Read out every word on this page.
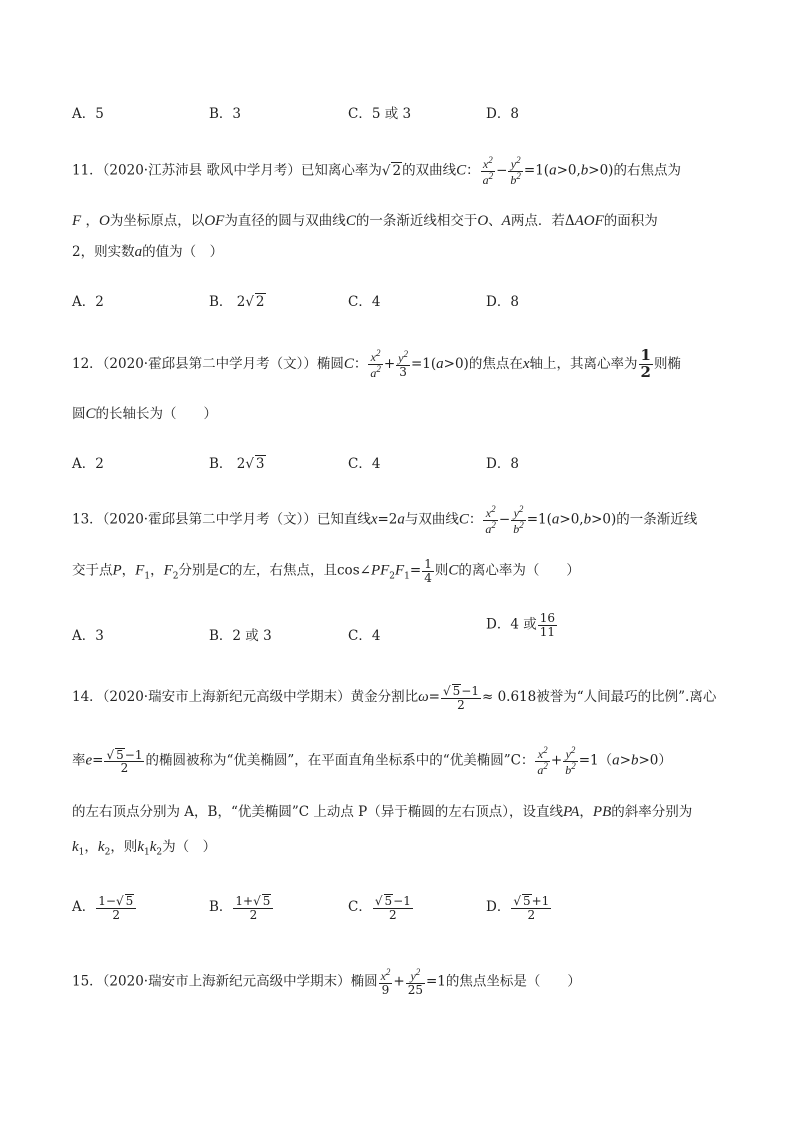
A．5	B．3	C．5 或 3	D．8
11．（2020·江苏沛县 歌风中学月考）已知离心率为√ 2的双曲线C： $\frac{x^2}{a^2} - \frac{y^2}{b^2} =1(a>0,b>0)$的右焦点为
F ，O为坐标原点，以OF为直径的圆与双曲线C的一条渐近线相交于O、A两点．若ΔAOF的面积为
2，则实数a的值为（　）
A．2	B． 2√ 2	C．4	D．8
12．（2020·霍邱县第二中学月考（文））椭圆C： $\frac{x^2}{a^2} + \frac{y^2}{3} =1(a>0)$的焦点在x轴上，其离心率为 $\frac{1}{2}$ 则椭
圆C的长轴长为（　　）
A．2	B． 2√ 3	C．4	D．8
13．（2020·霍邱县第二中学月考（文））已知直线x=2a与双曲线C： $\frac{x^2}{a^2} - \frac{y^2}{b^2} =1(a>0,b>0)$的一条渐近线
交于点P，$F_1$，$F_2$分别是C的左，右焦点，且$\cos\angle PF_2F_1= \frac{1}{4}$ 则C的离心率为（　　）
A．3	B．2 或 3	C．4
D．4 或 $\frac{16}{11}$
14．（2020·瑞安市上海新纪元高级中学期末）黄金分割比$\omega= \frac{√ 5-1}{2} \approx 0.618$被誉为“人间最巧的比例”.离心
率$e= \frac{√ 5-1}{2}$ 的椭圆被称为“优美椭圆”，在平面直角坐标系中的“优美椭圆”C： $\frac{x^2}{a^2} + \frac{y^2}{b^2} =1(a>b>0)$
的左右顶点分别为 A，B，“优美椭圆”C 上动点 P（异于椭圆的左右顶点），设直线PA，PB的斜率分别为
$k_1$，$k_2$，则$k_1k_2$为（　）
A． $\frac{1-√ 5}{2}$	B． $\frac{1+√ 5}{2}$	C． $\frac{√ 5-1}{2}$	D． $\frac{√ 5+1}{2}$
15．（2020·瑞安市上海新纪元高级中学期末）椭圆 $\frac{x^2}{9} + \frac{y^2}{25} =1$的焦点坐标是（　　）
